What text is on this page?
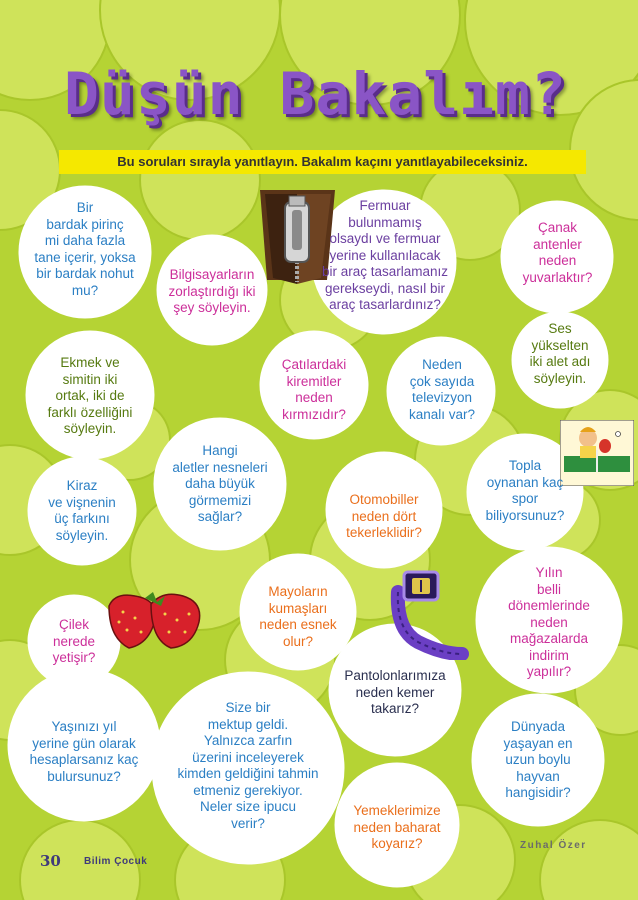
Düşün Bakalım?
Bu soruları sırayla yanıtlayın. Bakalım kaçını yanıtlayabileceksiniz.
Bir
bardak pirinç
mi daha fazla
tane içerir, yoksa
bir bardak nohut
mu?
Bilgisayarların
zorlaştırdığı iki
şey söyleyin.
Fermuar
bulunmamış
olsaydı ve fermuar
yerine kullanılacak
bir araç tasarlamanız
gerekseydi, nasıl bir
araç tasarlardınız?
Çanak
antenler
neden
yuvarlaktır?
Ses
yükselten
iki alet adı
söyleyin.
Ekmek ve
simitin iki
ortak, iki de
farklı özelliğini
söyleyin.
Çatılardaki
kiremitler
neden
kırmızıdır?
Neden
çok sayıda
televizyon
kanalı var?
Hangi
aletler nesneleri
daha büyük
görmemizi
sağlar?
Kiraz
ve vişnenin
üç farkını
söyleyin.
Otomobiller
neden dört
tekerleklidir?
Topla
oynanan kaç
spor
biliyorsunuz?
Mayoların
kumaşları
neden esnek
olur?
Çilek
nerede
yetişir?
Yılın
belli
dönemlerinde
neden
mağazalarda
indirim
yapılır?
Pantolonlarımıza
neden kemer
takarız?
Yaşınızı yıl
yerine gün olarak
hesaplarsanız kaç
bulursunuz?
Size bir
mektup geldi.
Yalnızca zarfın
üzerini inceleyerek
kimden geldiğini tahmin
etmeniz gerekiyor.
Neler size ipucu
verir?
Dünyada
yaşayan en
uzun boylu
hayvan
hangisidir?
Yemeklerimize
neden baharat
koyarız?
30 Bilim Çocuk
Zuhal Özer
